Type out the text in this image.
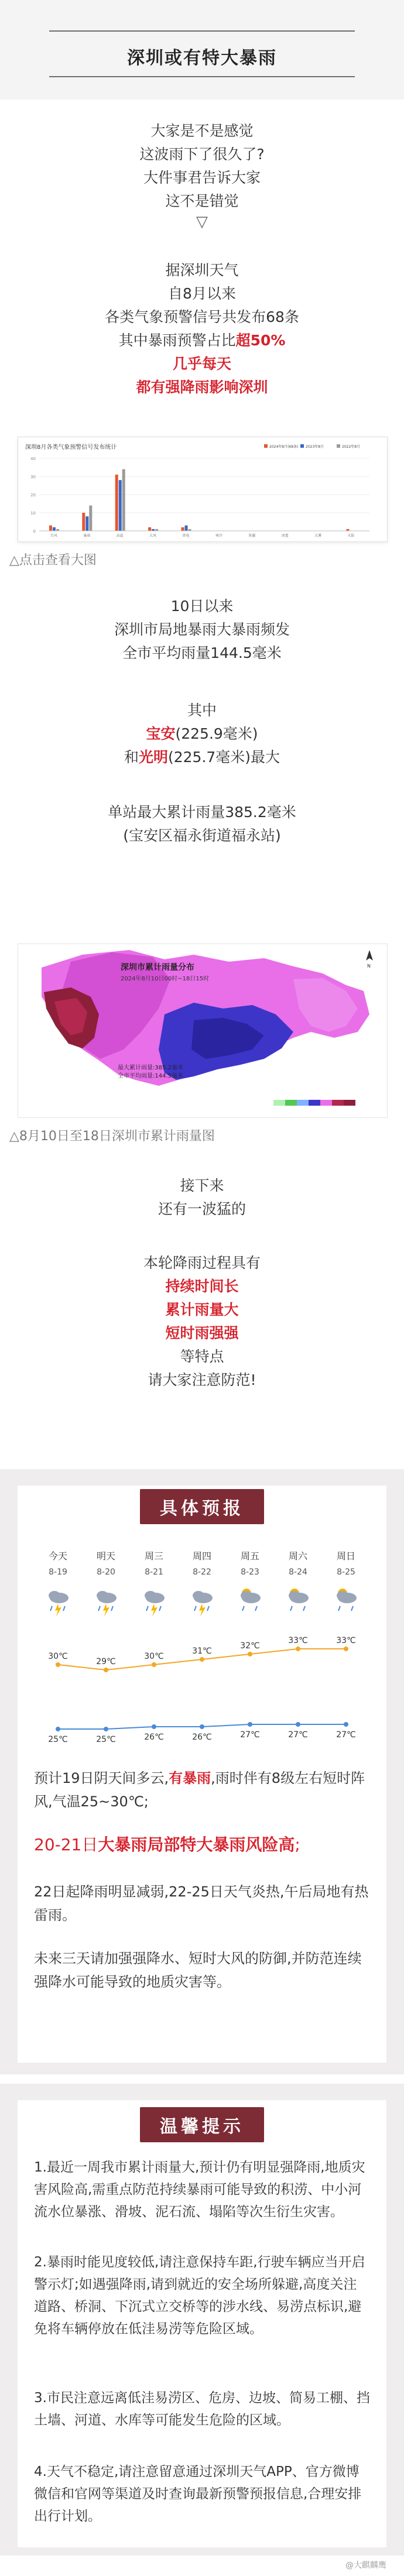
深圳或有特大暴雨
大家是不是感觉
这波雨下了很久了?
大件事君告诉大家
这不是错觉
▽
据深圳天气
自8月以来
各类气象预警信号共发布68条
其中暴雨预警占比超50%
几乎每天
都有强降雨影响深圳
深圳8月各类气象预警信号发布统计
0
10
20
30
40
2024年8月(68条) 2023年8月	2022年8月
台风	暴雨	高温	大风	雷电	寒冷	灰霾	冰雹	大雾	火险
△点击查看大图
10日以来
深圳市局地暴雨大暴雨频发
全市平均雨量144.5毫米
其中
宝安(225.9毫米)
和光明(225.7毫米)最大
单站最大累计雨量385.2毫米
(宝安区福永街道福永站)
深圳市累计雨量分布
2024年8月10日00时~18日15时
最大累计雨量:385.2毫米
全市平均雨量:144.5毫米
N
△8月10日至18日深圳市累计雨量图
接下来
还有一波猛的
本轮降雨过程具有
持续时间长
累计雨量大
短时雨强强
等特点
请大家注意防范!
具体预报
今天
8-19
30℃
25℃
明天
8-20
29℃
25℃
周三
8-21
30℃
26℃
周四
8-22
31℃
26℃
周五
8-23
32℃
27℃
周六
8-24
33℃
27℃
周日
8-25
33℃
27℃
预计19日阴天间多云,有暴雨,雨时伴有8级左右短时阵风,气温25~30℃;
20-21日大暴雨局部特大暴雨风险高;
22日起降雨明显减弱,22-25日天气炎热,午后局地有热雷雨。
未来三天请加强强降水、短时大风的防御,并防范连续强降水可能导致的地质灾害等。
温馨提示
1.最近一周我市累计雨量大,预计仍有明显强降雨,地质灾害风险高,需重点防范持续暴雨可能导致的积涝、中小河流水位暴涨、滑坡、泥石流、塌陷等次生衍生灾害。
2.暴雨时能见度较低,请注意保持车距,行驶车辆应当开启警示灯;如遇强降雨,请到就近的安全场所躲避,高度关注道路、桥洞、下沉式立交桥等的涉水线、易涝点标识,避免将车辆停放在低洼易涝等危险区域。
3.市民注意远离低洼易涝区、危房、边坡、简易工棚、挡土墙、河道、水库等可能发生危险的区域。
4.天气不稳定,请注意留意通过深圳天气APP、官方微博微信和官网等渠道及时查询最新预警预报信息,合理安排出行计划。
@大麒麟鹰
